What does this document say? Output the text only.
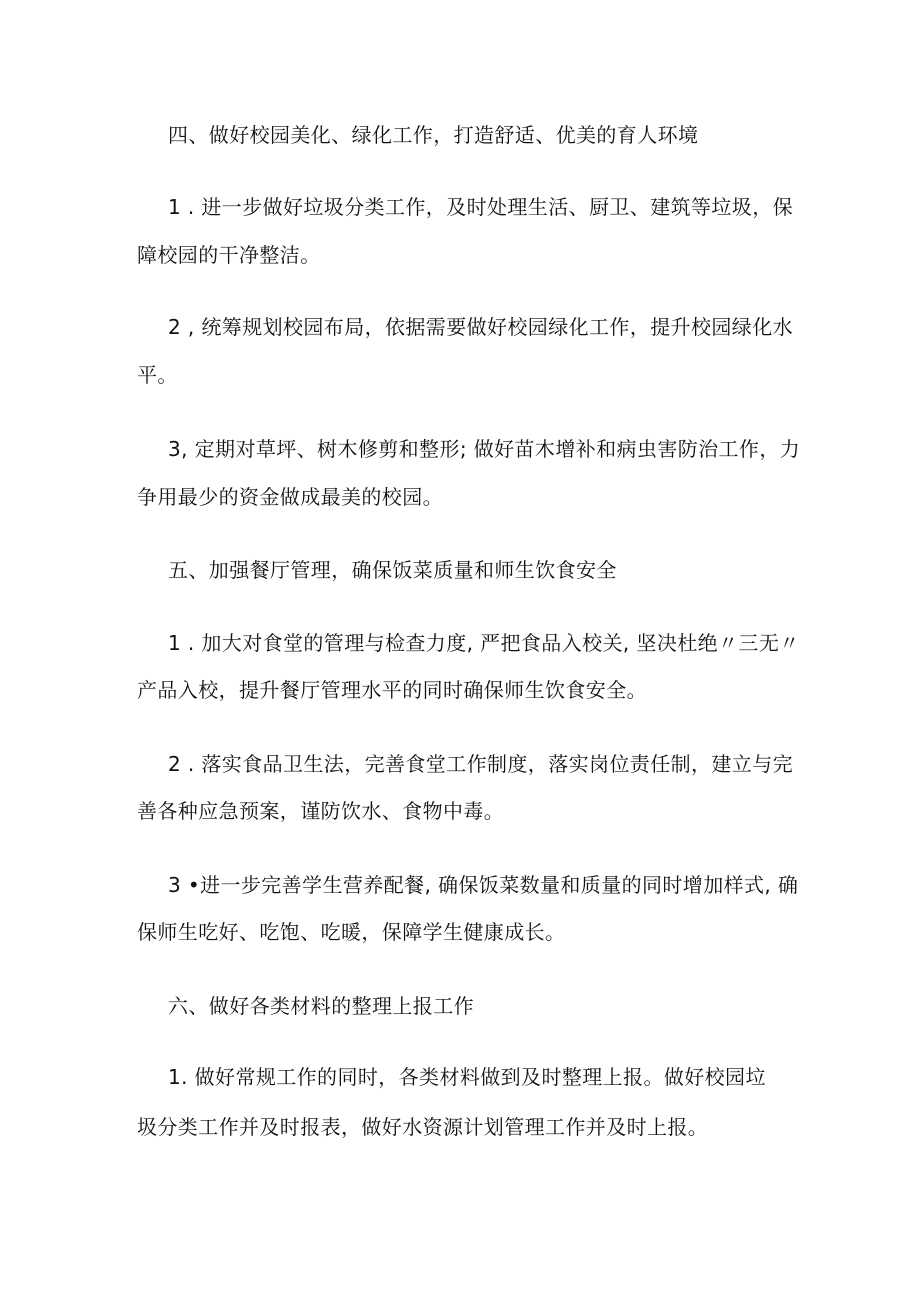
四、做好校园美化、绿化工作，打造舒适、优美的育人环境
1 . 进一步做好垃圾分类工作，及时处理生活、厨卫、建筑等垃圾，保
障校园的干净整洁。
2 , 统筹规划校园布局，依据需要做好校园绿化工作，提升校园绿化水
平。
3, 定期对草坪、树木修剪和整形; 做好苗木增补和病虫害防治工作，力
争用最少的资金做成最美的校园。
五、加强餐厅管理，确保饭菜质量和师生饮食安全
1 . 加大对食堂的管理与检查力度, 严把食品入校关, 坚决杜绝〃三无〃
产品入校，提升餐厅管理水平的同时确保师生饮食安全。
2 . 落实食品卫生法，完善食堂工作制度，落实岗位责任制，建立与完
善各种应急预案，谨防饮水、食物中毒。
3 •进一步完善学生营养配餐, 确保饭菜数量和质量的同时增加样式, 确
保师生吃好、吃饱、吃暖，保障学生健康成长。
六、做好各类材料的整理上报工作
1. 做好常规工作的同时，各类材料做到及时整理上报。做好校园垃
圾分类工作并及时报表，做好水资源计划管理工作并及时上报。
